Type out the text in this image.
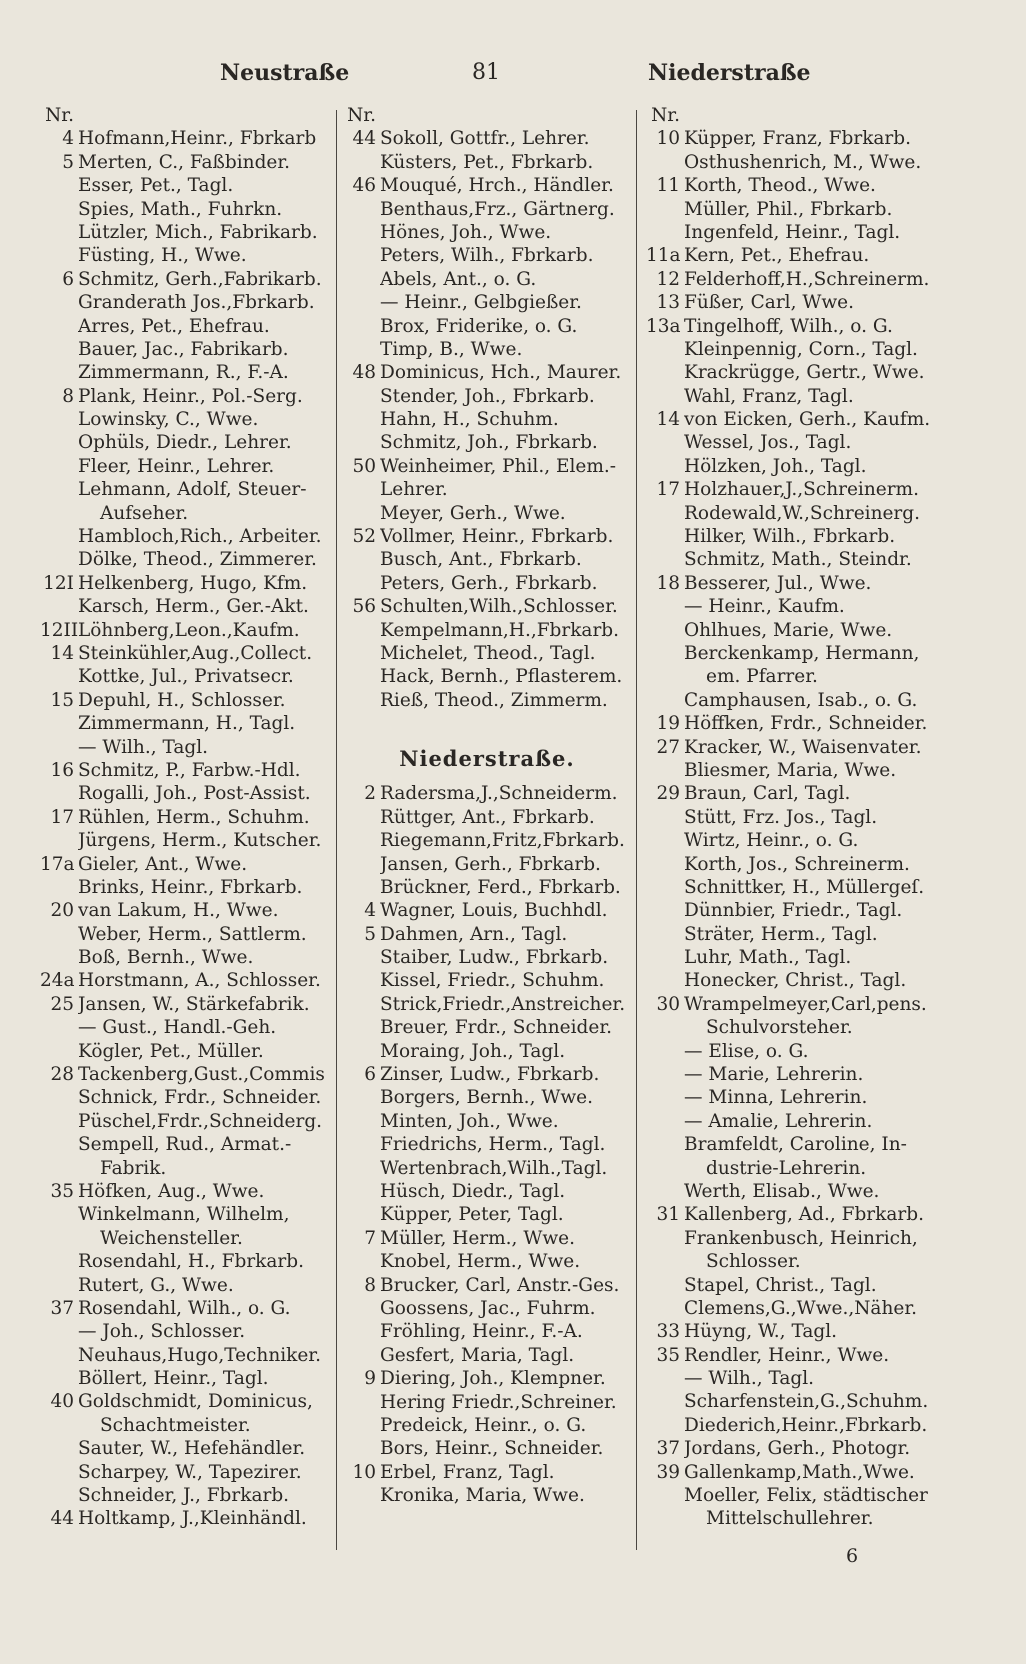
Neustraße	81	Niederstraße
Nr.
4 Hofmann,Heinr., Fbrkarb
5 Merten, C., Faßbinder.
Esser, Pet., Tagl.
Spies, Math., Fuhrkn.
Lützler, Mich., Fabrikarb.
Füsting, H., Wwe.
6 Schmitz, Gerh.,Fabrikarb.
Granderath Jos.,Fbrkarb.
Arres, Pet., Ehefrau.
Bauer, Jac., Fabrikarb.
Zimmermann, R., F.-A.
8 Plank, Heinr., Pol.-Serg.
Lowinsky, C., Wwe.
Ophüls, Diedr., Lehrer.
Fleer, Heinr., Lehrer.
Lehmann, Adolf, Steuer-
Aufseher.
Hambloch,Rich., Arbeiter.
Dölke, Theod., Zimmerer.
12I Helkenberg, Hugo, Kfm.
Karsch, Herm., Ger.-Akt.
12II Löhnberg,Leon.,Kaufm.
14 Steinkühler,Aug.,Collect.
Kottke, Jul., Privatsecr.
15 Depuhl, H., Schlosser.
Zimmermann, H., Tagl.
— Wilh., Tagl.
16 Schmitz, P., Farbw.-Hdl.
Rogalli, Joh., Post-Assist.
17 Rühlen, Herm., Schuhm.
Jürgens, Herm., Kutscher.
17a Gieler, Ant., Wwe.
Brinks, Heinr., Fbrkarb.
20 van Lakum, H., Wwe.
Weber, Herm., Sattlerm.
Boß, Bernh., Wwe.
24a Horstmann, A., Schlosser.
25 Jansen, W., Stärkefabrik.
— Gust., Handl.-Geh.
Kögler, Pet., Müller.
28 Tackenberg,Gust.,Commis
Schnick, Frdr., Schneider.
Püschel,Frdr.,Schneiderg.
Sempell, Rud., Armat.-
Fabrik.
35 Höfken, Aug., Wwe.
Winkelmann, Wilhelm,
Weichensteller.
Rosendahl, H., Fbrkarb.
Rutert, G., Wwe.
37 Rosendahl, Wilh., o. G.
— Joh., Schlosser.
Neuhaus,Hugo,Techniker.
Böllert, Heinr., Tagl.
40 Goldschmidt, Dominicus,
Schachtmeister.
Sauter, W., Hefehändler.
Scharpey, W., Tapezirer.
Schneider, J., Fbrkarb.
44 Holtkamp, J.,Kleinhändl.
Nr.
44 Sokoll, Gottfr., Lehrer.
Küsters, Pet., Fbrkarb.
46 Mouqué, Hrch., Händler.
Benthaus,Frz., Gärtnerg.
Hönes, Joh., Wwe.
Peters, Wilh., Fbrkarb.
Abels, Ant., o. G.
— Heinr., Gelbgießer.
Brox, Friderike, o. G.
Timp, B., Wwe.
48 Dominicus, Hch., Maurer.
Stender, Joh., Fbrkarb.
Hahn, H., Schuhm.
Schmitz, Joh., Fbrkarb.
50 Weinheimer, Phil., Elem.-
Lehrer.
Meyer, Gerh., Wwe.
52 Vollmer, Heinr., Fbrkarb.
Busch, Ant., Fbrkarb.
Peters, Gerh., Fbrkarb.
56 Schulten,Wilh.,Schlosser.
Kempelmann,H.,Fbrkarb.
Michelet, Theod., Tagl.
Hack, Bernh., Pflasterem.
Rieß, Theod., Zimmerm.
Niederstraße.
2 Radersma,J.,Schneiderm.
Rüttger, Ant., Fbrkarb.
Riegemann,Fritz,Fbrkarb.
Jansen, Gerh., Fbrkarb.
Brückner, Ferd., Fbrkarb.
4 Wagner, Louis, Buchhdl.
5 Dahmen, Arn., Tagl.
Staiber, Ludw., Fbrkarb.
Kissel, Friedr., Schuhm.
Strick,Friedr.,Anstreicher.
Breuer, Frdr., Schneider.
Moraing, Joh., Tagl.
6 Zinser, Ludw., Fbrkarb.
Borgers, Bernh., Wwe.
Minten, Joh., Wwe.
Friedrichs, Herm., Tagl.
Wertenbrach,Wilh.,Tagl.
Hüsch, Diedr., Tagl.
Küpper, Peter, Tagl.
7 Müller, Herm., Wwe.
Knobel, Herm., Wwe.
8 Brucker, Carl, Anstr.-Ges.
Goossens, Jac., Fuhrm.
Fröhling, Heinr., F.-A.
Gesfert, Maria, Tagl.
9 Diering, Joh., Klempner.
Hering Friedr.,Schreiner.
Predeick, Heinr., o. G.
Bors, Heinr., Schneider.
10 Erbel, Franz, Tagl.
Kronika, Maria, Wwe.
Nr.
10 Küpper, Franz, Fbrkarb.
Osthushenrich, M., Wwe.
11 Korth, Theod., Wwe.
Müller, Phil., Fbrkarb.
Ingenfeld, Heinr., Tagl.
11a Kern, Pet., Ehefrau.
12 Felderhoff,H.,Schreinerm.
13 Füßer, Carl, Wwe.
13a Tingelhoff, Wilh., o. G.
Kleinpennig, Corn., Tagl.
Krackrügge, Gertr., Wwe.
Wahl, Franz, Tagl.
14 von Eicken, Gerh., Kaufm.
Wessel, Jos., Tagl.
Hölzken, Joh., Tagl.
17 Holzhauer,J.,Schreinerm.
Rodewald,W.,Schreinerg.
Hilker, Wilh., Fbrkarb.
Schmitz, Math., Steindr.
18 Besserer, Jul., Wwe.
— Heinr., Kaufm.
Ohlhues, Marie, Wwe.
Berckenkamp, Hermann,
em. Pfarrer.
Camphausen, Isab., o. G.
19 Höffken, Frdr., Schneider.
27 Kracker, W., Waisenvater.
Bliesmer, Maria, Wwe.
29 Braun, Carl, Tagl.
Stütt, Frz. Jos., Tagl.
Wirtz, Heinr., o. G.
Korth, Jos., Schreinerm.
Schnittker, H., Müllergeſ.
Dünnbier, Friedr., Tagl.
Sträter, Herm., Tagl.
Luhr, Math., Tagl.
Honecker, Christ., Tagl.
30 Wrampelmeyer,Carl,pens.
Schulvorsteher.
— Elise, o. G.
— Marie, Lehrerin.
— Minna, Lehrerin.
— Amalie, Lehrerin.
Bramfeldt, Caroline, In-
dustrie-Lehrerin.
Werth, Elisab., Wwe.
31 Kallenberg, Ad., Fbrkarb.
Frankenbusch, Heinrich,
Schlosser.
Stapel, Christ., Tagl.
Clemens,G.,Wwe.,Näher.
33 Hüyng, W., Tagl.
35 Rendler, Heinr., Wwe.
— Wilh., Tagl.
Scharfenstein,G.,Schuhm.
Diederich,Heinr.,Fbrkarb.
37 Jordans, Gerh., Photogr.
39 Gallenkamp,Math.,Wwe.
Moeller, Felix, städtischer
Mittelschullehrer.
6
